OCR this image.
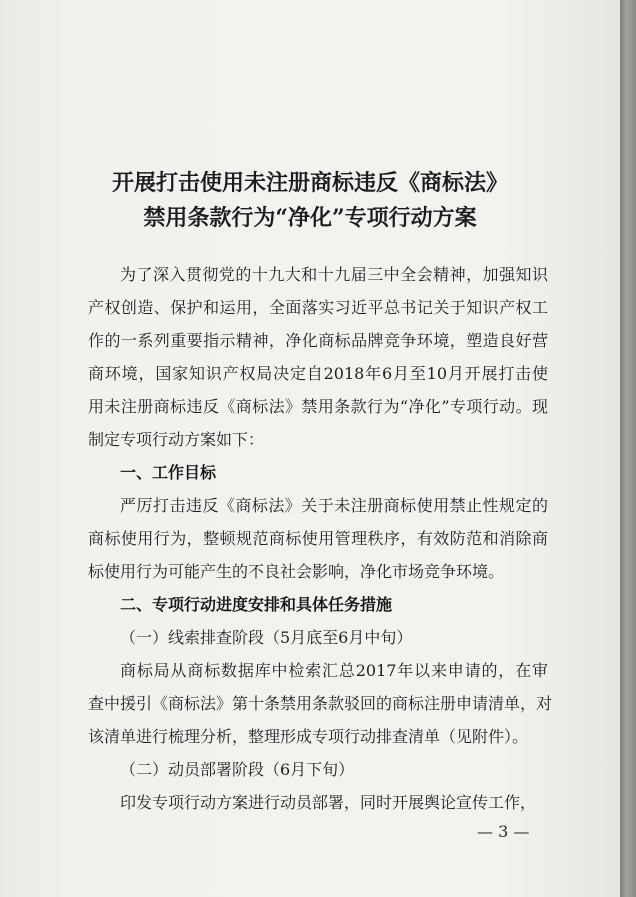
开展打击使用未注册商标违反《商标法》
禁用条款行为“净化”专项行动方案
为了深入贯彻党的十九大和十九届三中全会精神，加强知识
产权创造、保护和运用，全面落实习近平总书记关于知识产权工
作的一系列重要指示精神，净化商标品牌竞争环境，塑造良好营
商环境，国家知识产权局决定自2018年6月至10月开展打击使
用未注册商标违反《商标法》禁用条款行为“净化”专项行动。现
制定专项行动方案如下：
一、工作目标
严厉打击违反《商标法》关于未注册商标使用禁止性规定的
商标使用行为，整顿规范商标使用管理秩序，有效防范和消除商
标使用行为可能产生的不良社会影响，净化市场竞争环境。
二、专项行动进度安排和具体任务措施
（一）线索排查阶段（5月底至6月中旬）
商标局从商标数据库中检索汇总2017年以来申请的，在审
查中援引《商标法》第十条禁用条款驳回的商标注册申请清单，对
该清单进行梳理分析，整理形成专项行动排查清单（见附件）。
（二）动员部署阶段（6月下旬）
印发专项行动方案进行动员部署，同时开展舆论宣传工作，
— 3 —
